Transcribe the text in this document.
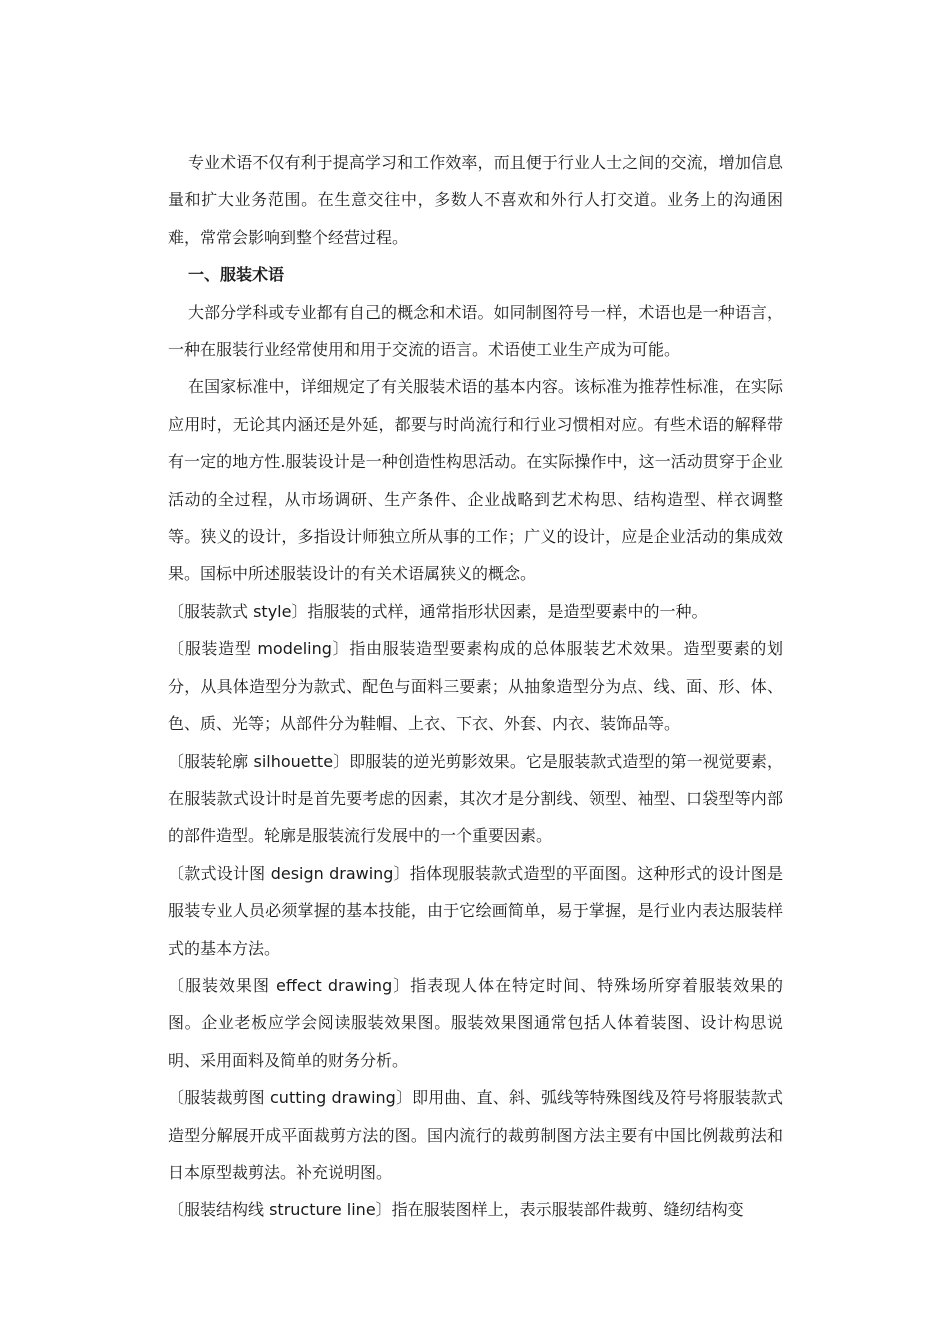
专业术语不仅有利于提高学习和工作效率，而且便于行业人士之间的交流，增加信息量和扩大业务范围。在生意交往中，多数人不喜欢和外行人打交道。业务上的沟通困难，常常会影响到整个经营过程。

一、服装术语

大部分学科或专业都有自己的概念和术语。如同制图符号一样，术语也是一种语言，一种在服装行业经常使用和用于交流的语言。术语使工业生产成为可能。

在国家标准中，详细规定了有关服装术语的基本内容。该标准为推荐性标准，在实际应用时，无论其内涵还是外延，都要与时尚流行和行业习惯相对应。有些术语的解释带有一定的地方性.服装设计是一种创造性构思活动。在实际操作中，这一活动贯穿于企业活动的全过程，从市场调研、生产条件、企业战略到艺术构思、结构造型、样衣调整等。狭义的设计，多指设计师独立所从事的工作；广义的设计，应是企业活动的集成效果。国标中所述服装设计的有关术语属狭义的概念。

〔服装款式 style〕指服装的式样，通常指形状因素，是造型要素中的一种。

〔服装造型 modeling〕指由服装造型要素构成的总体服装艺术效果。造型要素的划分，从具体造型分为款式、配色与面料三要素；从抽象造型分为点、线、面、形、体、色、质、光等；从部件分为鞋帽、上衣、下衣、外套、内衣、装饰品等。

〔服装轮廓 silhouette〕即服装的逆光剪影效果。它是服装款式造型的第一视觉要素，在服装款式设计时是首先要考虑的因素，其次才是分割线、领型、袖型、口袋型等内部的部件造型。轮廓是服装流行发展中的一个重要因素。

〔款式设计图 design drawing〕指体现服装款式造型的平面图。这种形式的设计图是服装专业人员必须掌握的基本技能，由于它绘画简单，易于掌握，是行业内表达服装样式的基本方法。

〔服装效果图 effect drawing〕指表现人体在特定时间、特殊场所穿着服装效果的图。企业老板应学会阅读服装效果图。服装效果图通常包括人体着装图、设计构思说明、采用面料及简单的财务分析。

〔服装裁剪图 cutting drawing〕即用曲、直、斜、弧线等特殊图线及符号将服装款式造型分解展开成平面裁剪方法的图。国内流行的裁剪制图方法主要有中国比例裁剪法和日本原型裁剪法。补充说明图。

〔服装结构线 structure line〕指在服装图样上，表示服装部件裁剪、缝纫结构变
